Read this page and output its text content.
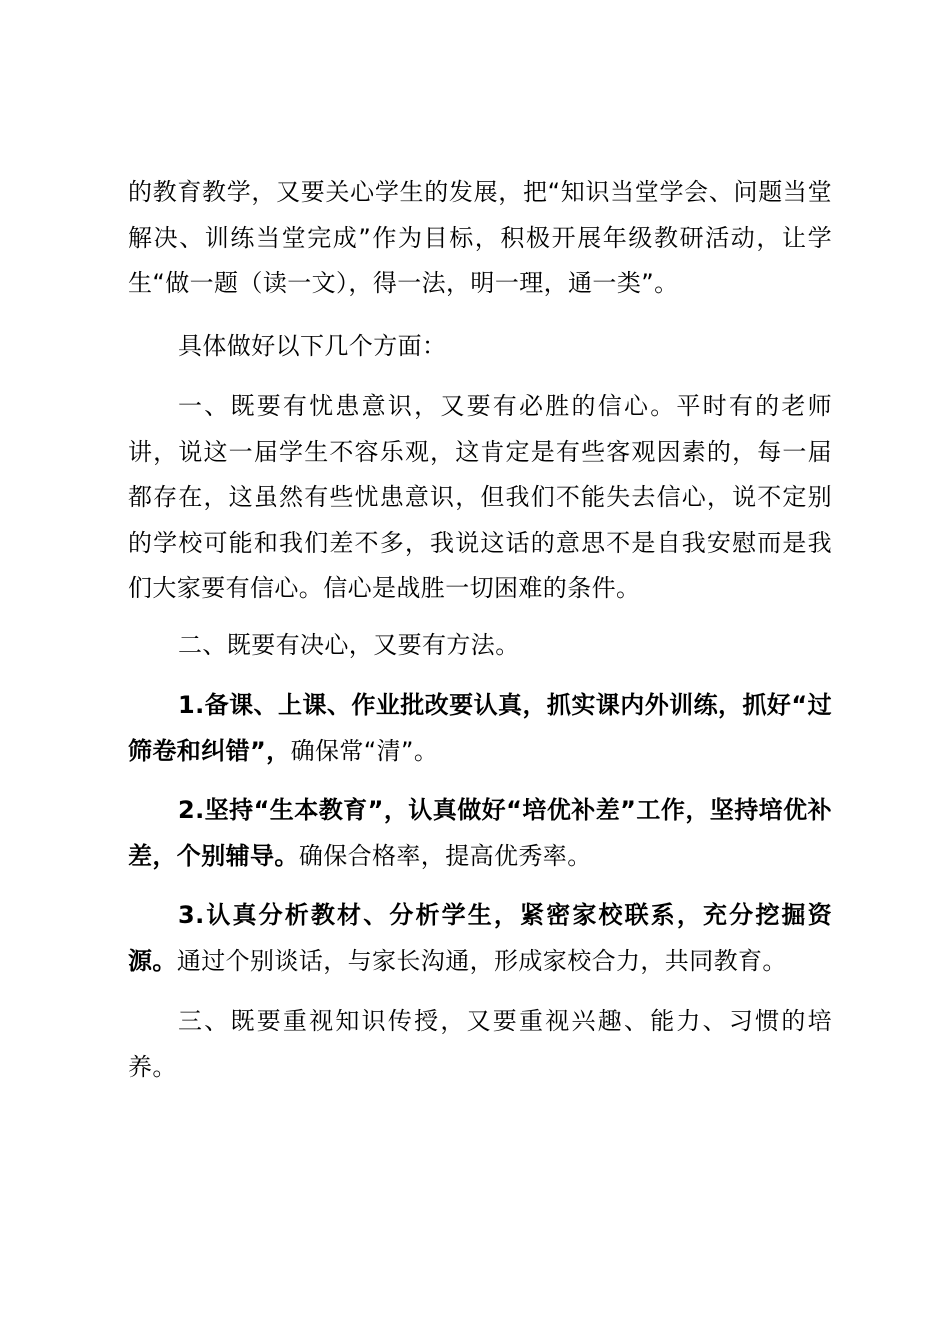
的教育教学，又要关心学生的发展，把“知识当堂学会、问题当堂解决、训练当堂完成”作为目标，积极开展年级教研活动，让学生“做一题（读一文），得一法，明一理，通一类”。

具体做好以下几个方面：

一、既要有忧患意识，又要有必胜的信心。平时有的老师讲，说这一届学生不容乐观，这肯定是有些客观因素的，每一届都存在，这虽然有些忧患意识，但我们不能失去信心，说不定别的学校可能和我们差不多，我说这话的意思不是自我安慰而是我们大家要有信心。信心是战胜一切困难的条件。

二、既要有决心，又要有方法。

1.备课、上课、作业批改要认真，抓实课内外训练，抓好“过筛卷和纠错”，确保常“清”。

2.坚持“生本教育”，认真做好“培优补差”工作，坚持培优补差，个别辅导。确保合格率，提高优秀率。

3.认真分析教材、分析学生，紧密家校联系，充分挖掘资源。通过个别谈话，与家长沟通，形成家校合力，共同教育。

三、既要重视知识传授，又要重视兴趣、能力、习惯的培养。
